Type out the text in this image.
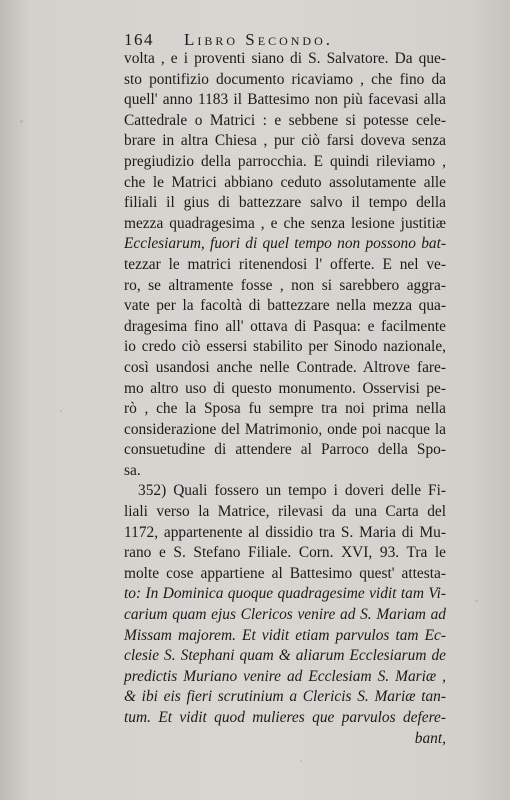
164 Libro Secondo.
volta , e i proventi siano di S. Salvatore. Da que-
sto pontifizio documento ricaviamo , che fino da
quell' anno 1183 il Battesimo non più facevasi alla
Cattedrale o Matrici : e sebbene si potesse cele-
brare in altra Chiesa , pur ciò farsi doveva senza
pregiudizio della parrocchia. E quindi rileviamo ,
che le Matrici abbiano ceduto assolutamente alle
filiali il gius di battezzare salvo il tempo della
mezza quadragesima , e che senza lesione justitiæ
Ecclesiarum, fuori di quel tempo non possono bat-
tezzar le matrici ritenendosi l' offerte. E nel ve-
ro, se altramente fosse , non si sarebbero aggra-
vate per la facoltà di battezzare nella mezza qua-
dragesima fino all' ottava di Pasqua: e facilmente
io credo ciò essersi stabilito per Sinodo nazionale,
così usandosi anche nelle Contrade. Altrove fare-
mo altro uso di questo monumento. Osservisi pe-
rò , che la Sposa fu sempre tra noi prima nella
considerazione del Matrimonio, onde poi nacque la
consuetudine di attendere al Parroco della Spo-
sa.
352) Quali fossero un tempo i doveri delle Fi-
liali verso la Matrice, rilevasi da una Carta del
1172, appartenente al dissidio tra S. Maria di Mu-
rano e S. Stefano Filiale. Corn. XVI, 93. Tra le
molte cose appartiene al Battesimo quest' attesta-
to: In Dominica quoque quadragesime vidit tam Vi-
carium quam ejus Clericos venire ad S. Mariam ad
Missam majorem. Et vidit etiam parvulos tam Ec-
clesie S. Stephani quam & aliarum Ecclesiarum de
predictis Muriano venire ad Ecclesiam S. Mariæ ,
& ibi eis fieri scrutinium a Clericis S. Mariæ tan-
tum. Et vidit quod mulieres que parvulos defere-
bant,
